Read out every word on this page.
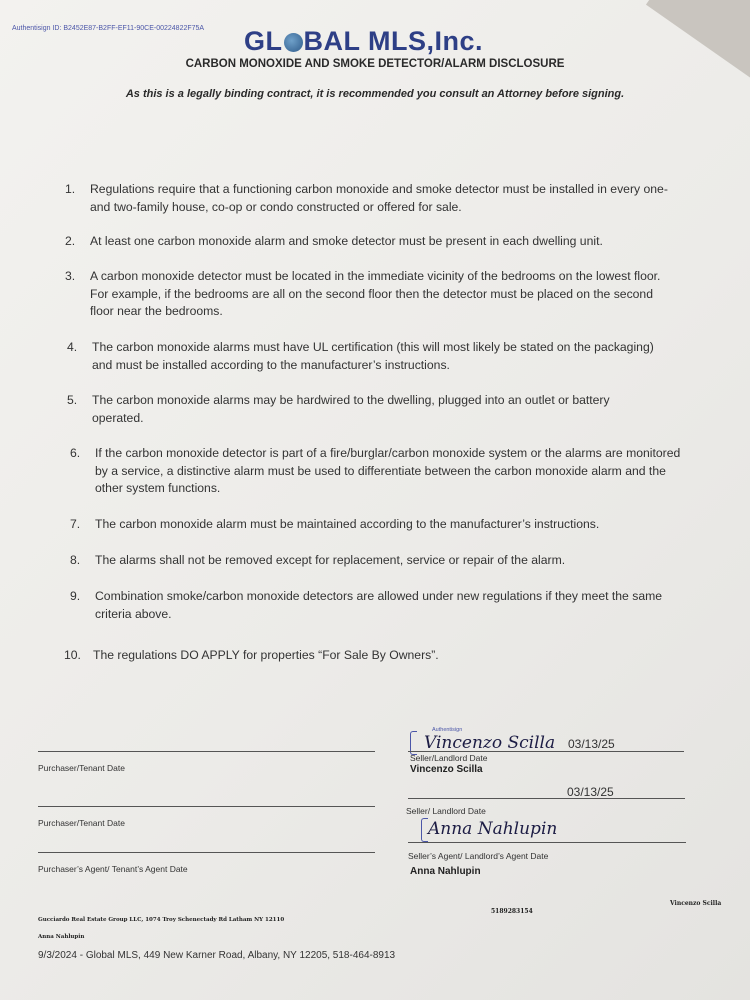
Authentisign ID: B2452E87-B2FF-EF11-90CE-00224822F75A GL BAL MLS,Inc.
CARBON MONOXIDE AND SMOKE DETECTOR/ALARM DISCLOSURE
As this is a legally binding contract, it is recommended you consult an Attorney before signing.
1.	Regulations require that a functioning carbon monoxide and smoke detector must be installed in every one- and two-family house, co-op or condo constructed or offered for sale.
2.	At least one carbon monoxide alarm and smoke detector must be present in each dwelling unit.
3.	A carbon monoxide detector must be located in the immediate vicinity of the bedrooms on the lowest floor. For example, if the bedrooms are all on the second floor then the detector must be placed on the second floor near the bedrooms.
4.	The carbon monoxide alarms must have UL certification (this will most likely be stated on the packaging) and must be installed according to the manufacturer’s instructions.
5.	The carbon monoxide alarms may be hardwired to the dwelling, plugged into an outlet or battery operated.
6.	If the carbon monoxide detector is part of a fire/burglar/carbon monoxide system or the alarms are monitored by a service, a distinctive alarm must be used to differentiate between the carbon monoxide alarm and the other system functions.
7.	The carbon monoxide alarm must be maintained according to the manufacturer’s instructions.
8.	The alarms shall not be removed except for replacement, service or repair of the alarm.
9.	Combination smoke/carbon monoxide detectors are allowed under new regulations if they meet the same criteria above.
10. The regulations DO APPLY for properties “For Sale By Owners”.
Purchaser/Tenant Date
Purchaser/Tenant Date
Purchaser’s Agent/ Tenant’s Agent Date
Authentisign
Vincenzo Scilla 03/13/25
Seller/Landlord Date
Vincenzo Scilla
03/13/25
Seller/ Landlord Date
Anna Nahlupin
Seller’s Agent/ Landlord’s Agent Date
Anna Nahlupin
Vincenzo Scilla
5189283154
Gucciardo Real Estate Group LLC, 1074 Troy Schenectady Rd Latham NY 12110
Anna Nahlupin
9/3/2024 - Global MLS, 449 New Karner Road, Albany, NY 12205, 518-464-8913
